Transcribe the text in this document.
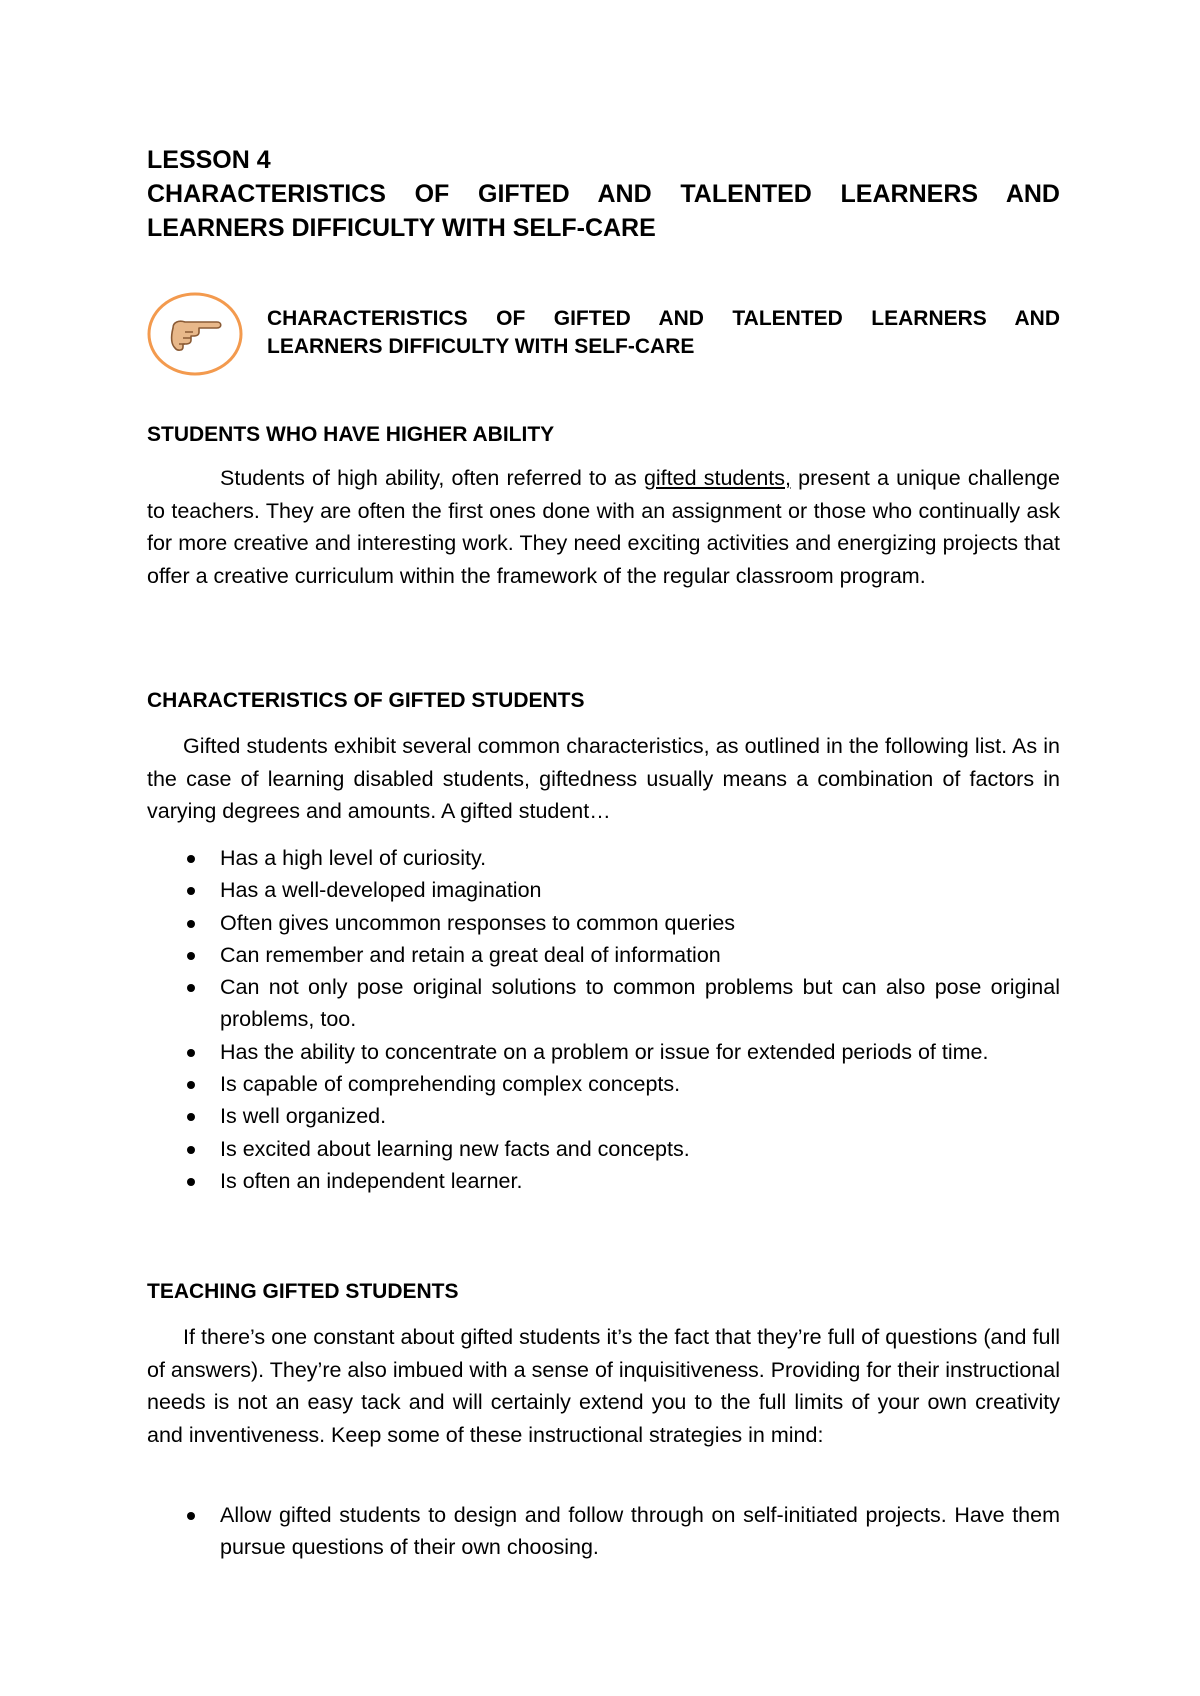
LESSON 4
CHARACTERISTICS OF GIFTED AND TALENTED LEARNERS AND
LEARNERS DIFFICULTY WITH SELF-CARE
CHARACTERISTICS OF GIFTED AND TALENTED LEARNERS AND
LEARNERS DIFFICULTY WITH SELF-CARE
STUDENTS WHO HAVE HIGHER ABILITY

Students of high ability, often referred to as gifted students, present a unique challenge to teachers. They are often the first ones done with an assignment or those who continually ask for more creative and interesting work. They need exciting activities and energizing projects that offer a creative curriculum within the framework of the regular classroom program.

CHARACTERISTICS OF GIFTED STUDENTS

Gifted students exhibit several common characteristics, as outlined in the following list. As in the case of learning disabled students, giftedness usually means a combination of factors in varying degrees and amounts. A gifted student…

Has a high level of curiosity.
Has a well-developed imagination
Often gives uncommon responses to common queries
Can remember and retain a great deal of information
Can not only pose original solutions to common problems but can also pose original problems, too.
Has the ability to concentrate on a problem or issue for extended periods of time.
Is capable of comprehending complex concepts.
Is well organized.
Is excited about learning new facts and concepts.
Is often an independent learner.
TEACHING GIFTED STUDENTS

If there’s one constant about gifted students it’s the fact that they’re full of questions (and full of answers). They’re also imbued with a sense of inquisitiveness. Providing for their instructional needs is not an easy tack and will certainly extend you to the full limits of your own creativity and inventiveness. Keep some of these instructional strategies in mind:

Allow gifted students to design and follow through on self-initiated projects. Have them pursue questions of their own choosing.
